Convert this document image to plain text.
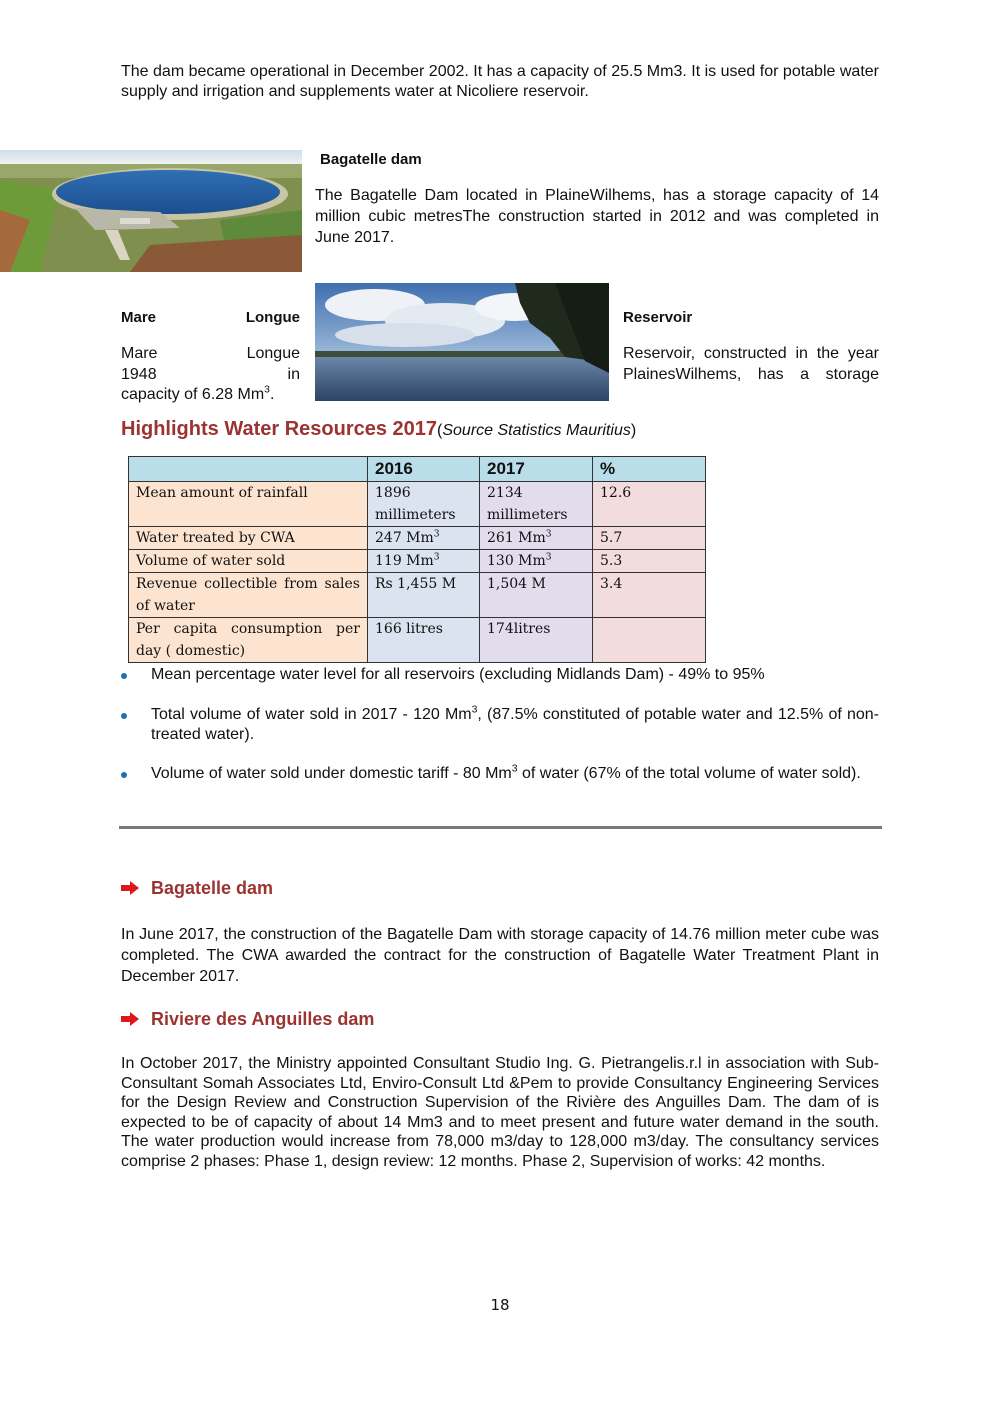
The dam became operational in December 2002. It has a capacity of 25.5 Mm3. It is used for potable water supply and irrigation and supplements water at Nicoliere reservoir.

Bagatelle dam

The Bagatelle Dam located in PlaineWilhems, has a storage capacity of 14 million cubic metresThe construction started in 2012 and was completed in June 2017.

Mare	Longue
Mare	Longue
1948	in
capacity of 6.28 Mm$^3$.
Reservoir

Reservoir, constructed in the year PlainesWilhems, has a storage

Highlights Water Resources 2017(Source Statistics Mauritius)
	2016	2017	%
Mean amount of rainfall	1896 millimeters	2134 millimeters	12.6
Water treated by CWA	247 Mm$^3$	261 Mm$^3$	5.7
Volume of water sold	119 Mm$^3$	130 Mm$^3$	5.3
Revenue collectible from sales of water	Rs 1,455 M	1,504 M	3.4
Per capita consumption per day ( domestic)	166 litres	174litres	
Mean percentage water level for all reservoirs (excluding Midlands Dam) - 49% to 95%
Total volume of water sold in 2017 - 120 Mm$^3$, (87.5% constituted of potable water and 12.5% of non-treated water).
Volume of water sold under domestic tariff - 80 Mm$^3$ of water (67% of the total volume of water sold).
Bagatelle dam

In June 2017, the construction of the Bagatelle Dam with storage capacity of 14.76 million meter cube was completed. The CWA awarded the contract for the construction of Bagatelle Water Treatment Plant in December 2017.

Riviere des Anguilles dam

In October 2017, the Ministry appointed Consultant Studio Ing. G. Pietrangelis.r.l in association with Sub-Consultant Somah Associates Ltd, Enviro-Consult Ltd &Pem to provide Consultancy Engineering Services for the Design Review and Construction Supervision of the Rivière des Anguilles Dam. The dam of is expected to be of capacity of about 14 Mm3 and to meet present and future water demand in the south. The water production would increase from 78,000 m3/day to 128,000 m3/day. The consultancy services comprise 2 phases: Phase 1, design review: 12 months. Phase 2, Supervision of works: 42 months.

18
